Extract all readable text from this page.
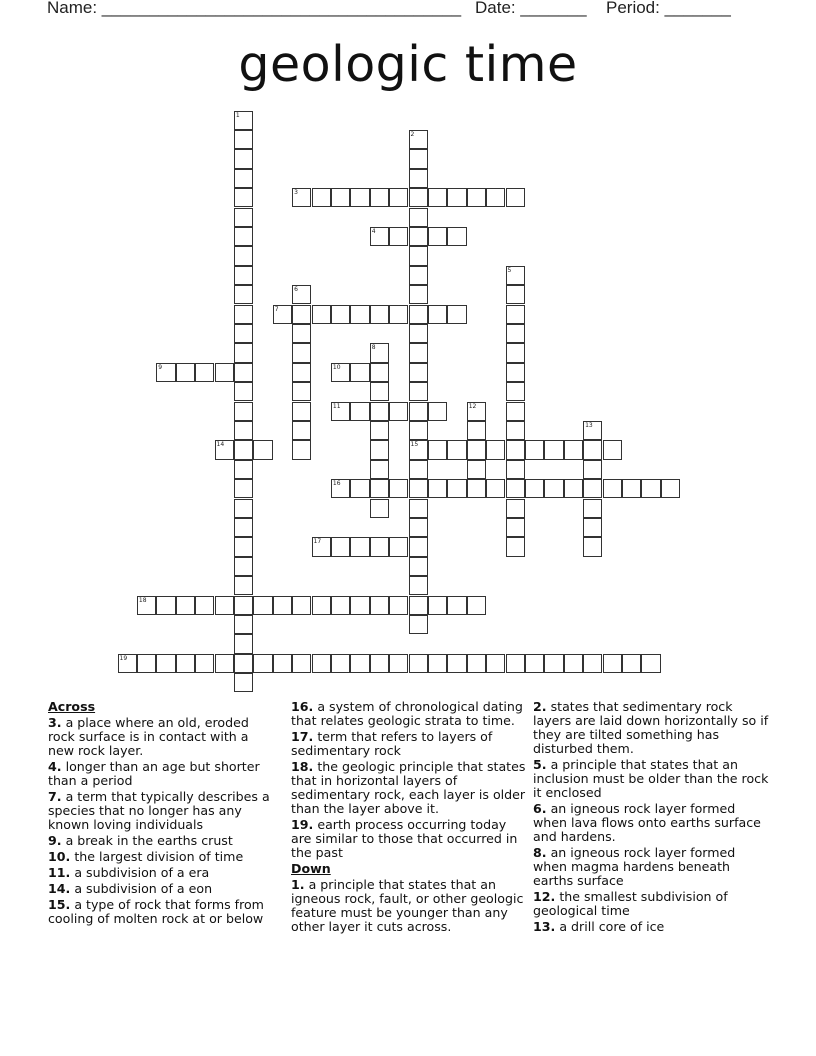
Name: ______________________________________ Date: _______ Period: _______
geologic time
1
2
15
3
4
5
6
7
8
9	10
11	12
13
14
16
17
18
19
Across
3. a place where an old, eroded rock surface is in contact with a new rock layer.
4. longer than an age but shorter than a period
7. a term that typically describes a species that no longer has any known loving individuals
9. a break in the earths crust
10. the largest division of time
11. a subdivision of a era
14. a subdivision of a eon
15. a type of rock that forms from cooling of molten rock at or below
16. a system of chronological dating that relates geologic strata to time.
17. term that refers to layers of sedimentary rock
18. the geologic principle that states that in horizontal layers of sedimentary rock, each layer is older than the layer above it.
19. earth process occurring today are similar to those that occurred in the past
Down
1. a principle that states that an igneous rock, fault, or other geologic feature must be younger than any other layer it cuts across.
2. states that sedimentary rock layers are laid down horizontally so if they are tilted something has disturbed them.
5. a principle that states that an inclusion must be older than the rock it enclosed
6. an igneous rock layer formed when lava flows onto earths surface and hardens.
8. an igneous rock layer formed when magma hardens beneath earths surface
12. the smallest subdivision of geological time
13. a drill core of ice
